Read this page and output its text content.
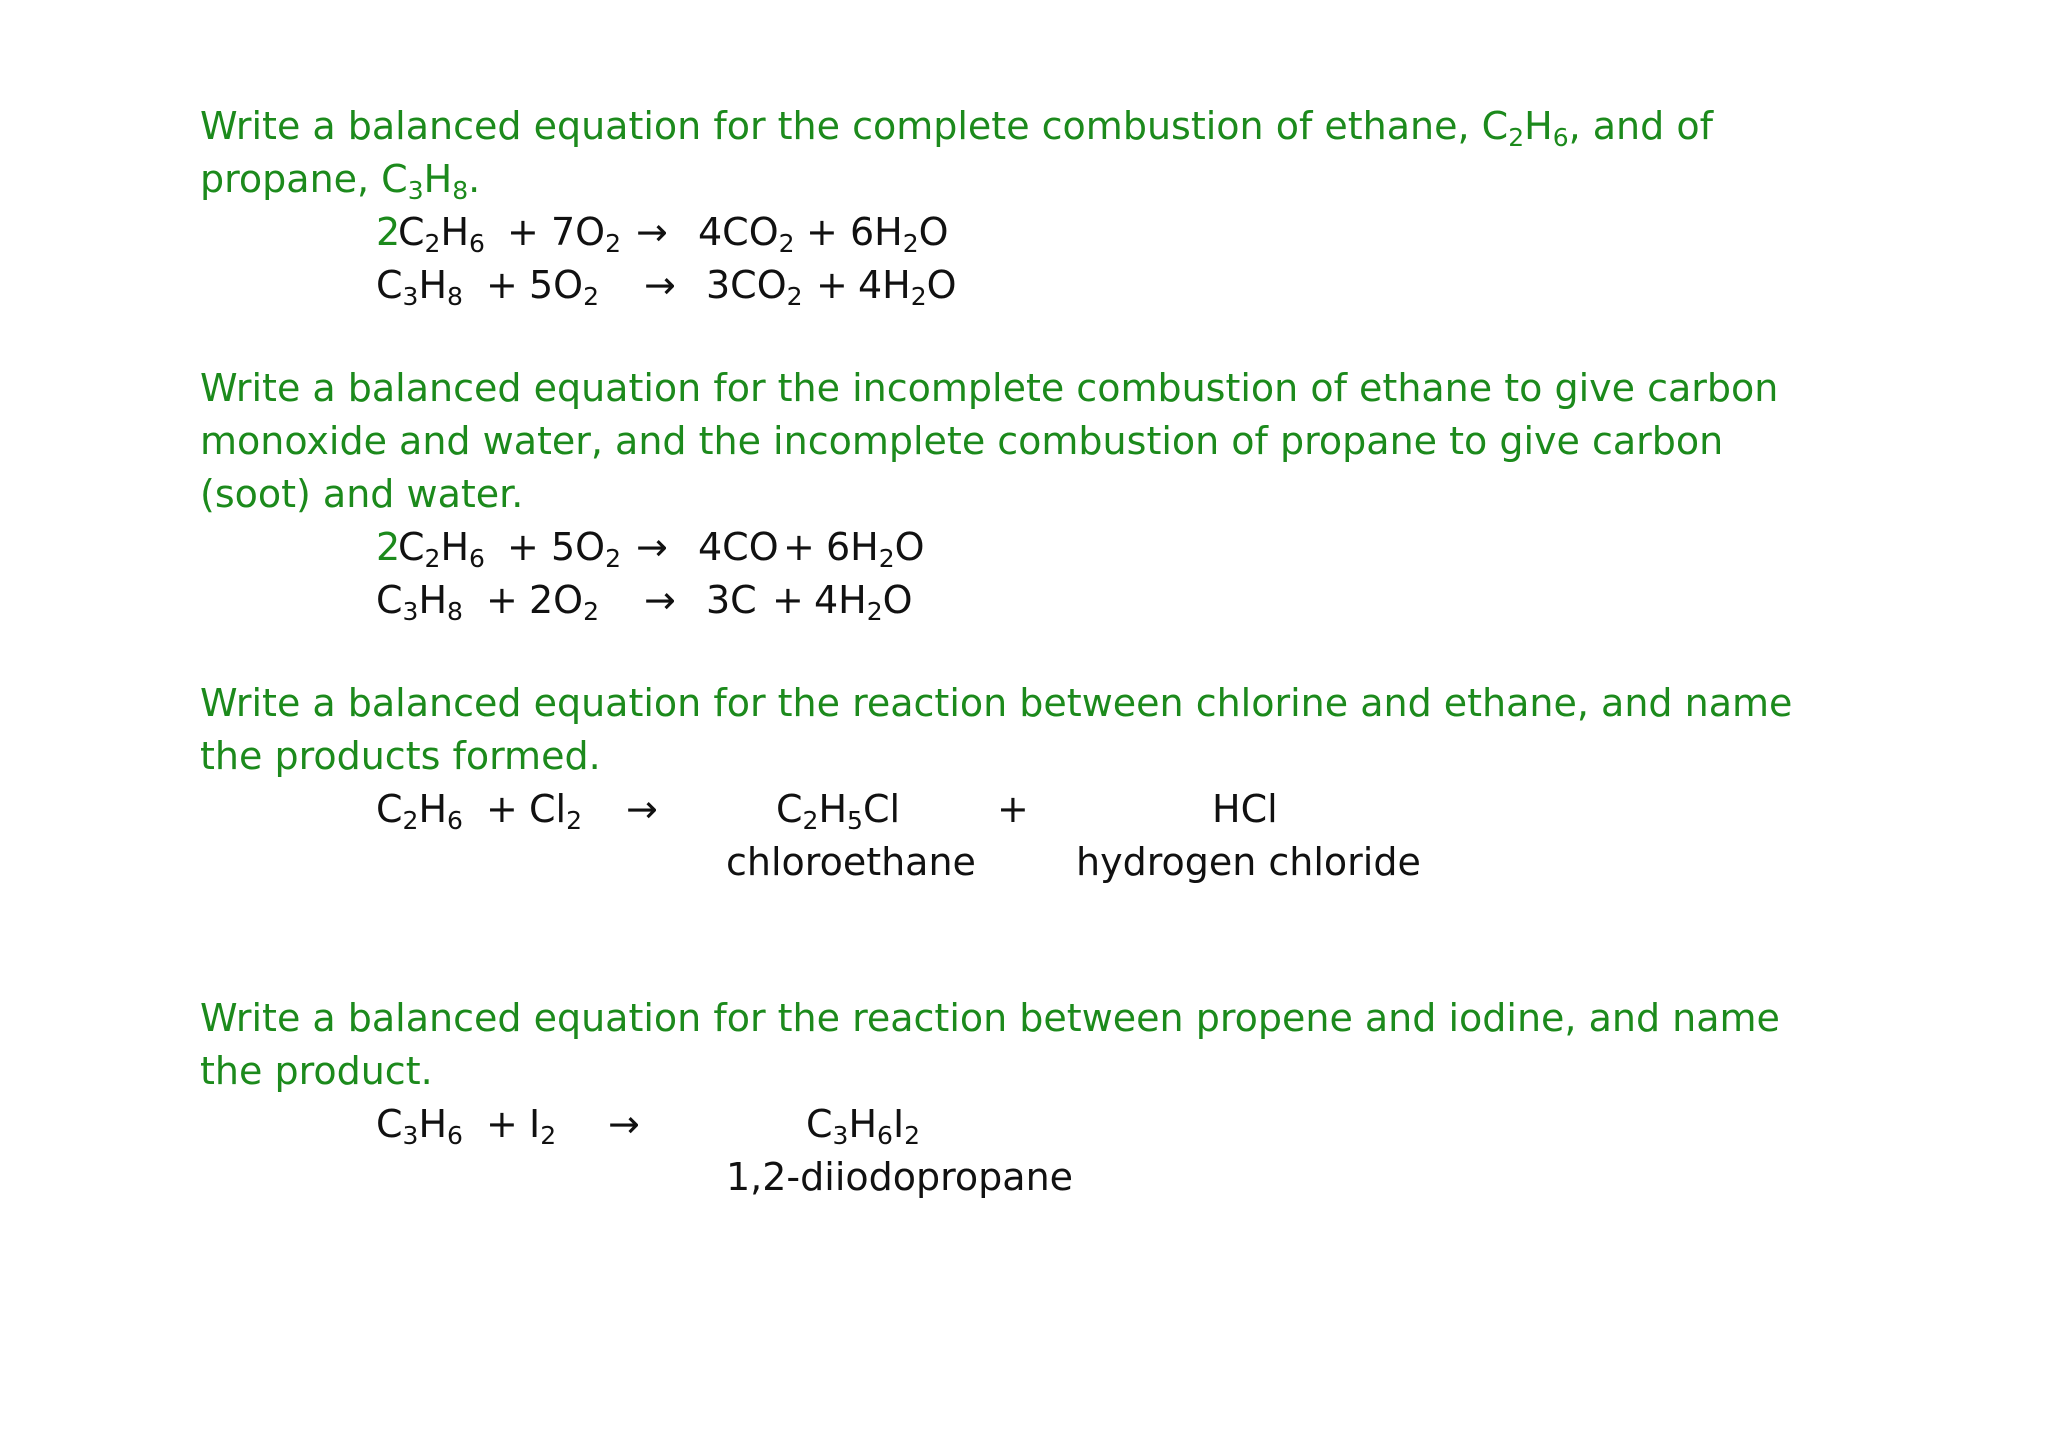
Write a balanced equation for the complete combustion of ethane, $C_2H_6$, and of propane, $C_3H_8$.
2
$C_2H_6 + 7O_2 \to 4CO_2 + 6H_2O$
$C_3H_8 + 5O_2 \to 3CO_2 + 4H_2O$
Write a balanced equation for the incomplete combustion of ethane to give carbon monoxide and water, and the incomplete combustion of propane to give carbon (soot) and water.
2
$C_2H_6 + 5O_2 \to 4CO + 6H_2O$
$C_3H_8 + 2O_2 \to 3C + 4H_2O$
Write a balanced equation for the reaction between chlorine and ethane, and name the products formed.
$C_2H_6 + Cl_2$ →	$C_2H_5Cl$	+	HCl
chloroethane	hydrogen chloride
Write a balanced equation for the reaction between propene and iodine, and name the product.
$C_3H_6 + I_2$ →	$C_3H_6I_2$
1,2-diiodopropane
